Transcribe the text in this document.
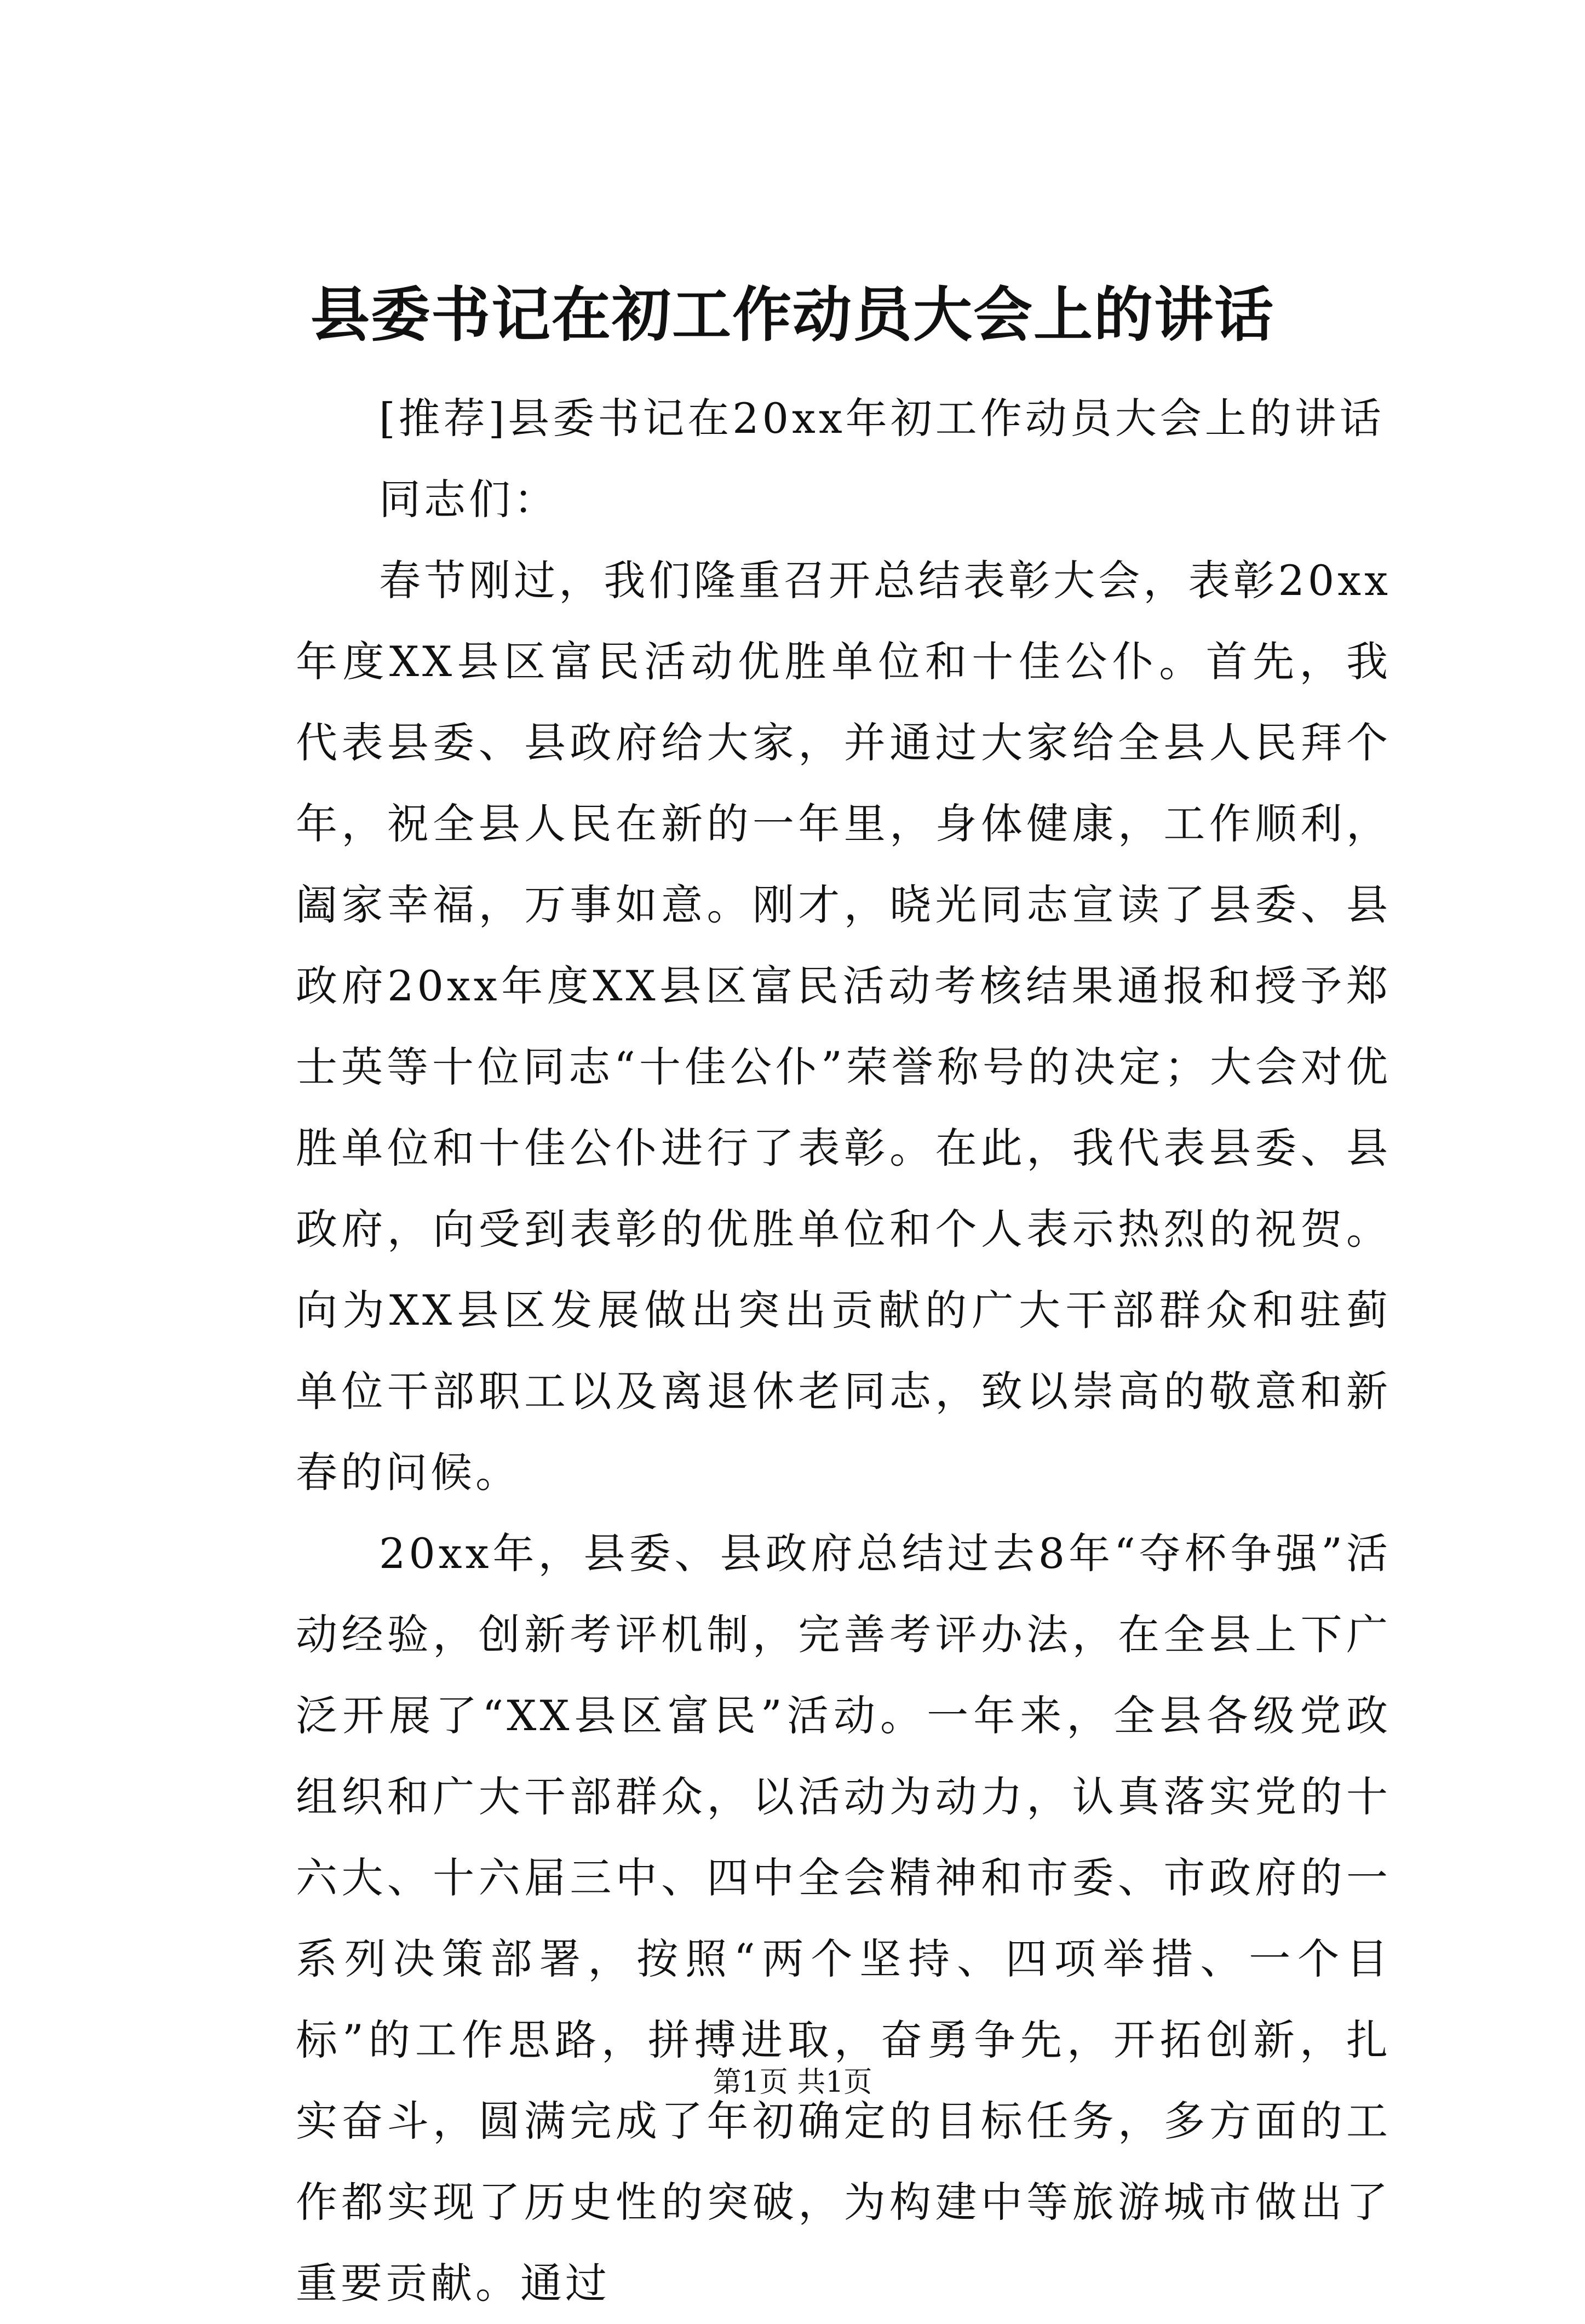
县委书记在初工作动员大会上的讲话

[推荐]县委书记在20xx年初工作动员大会上的讲话

同志们：

春节刚过，我们隆重召开总结表彰大会，表彰20xx年度XX县区富民活动优胜单位和十佳公仆。首先，我代表县委、县政府给大家，并通过大家给全县人民拜个年，祝全县人民在新的一年里，身体健康，工作顺利，阖家幸福，万事如意。刚才，晓光同志宣读了县委、县政府20xx年度XX县区富民活动考核结果通报和授予郑士英等十位同志“十佳公仆”荣誉称号的决定；大会对优胜单位和十佳公仆进行了表彰。在此，我代表县委、县政府，向受到表彰的优胜单位和个人表示热烈的祝贺。向为XX县区发展做出突出贡献的广大干部群众和驻蓟单位干部职工以及离退休老同志，致以崇高的敬意和新春的问候。

20xx年，县委、县政府总结过去8年“夺杯争强”活动经验，创新考评机制，完善考评办法，在全县上下广泛开展了“XX县区富民”活动。一年来，全县各级党政组织和广大干部群众，以活动为动力，认真落实党的十六大、十六届三中、四中全会精神和市委、市政府的一系列决策部署，按照“两个坚持、四项举措、一个目标”的工作思路，拼搏进取，奋勇争先，开拓创新，扎实奋斗，圆满完成了年初确定的目标任务，多方面的工作都实现了历史性的突破，为构建中等旅游城市做出了重要贡献。通过

第1页 共1页
